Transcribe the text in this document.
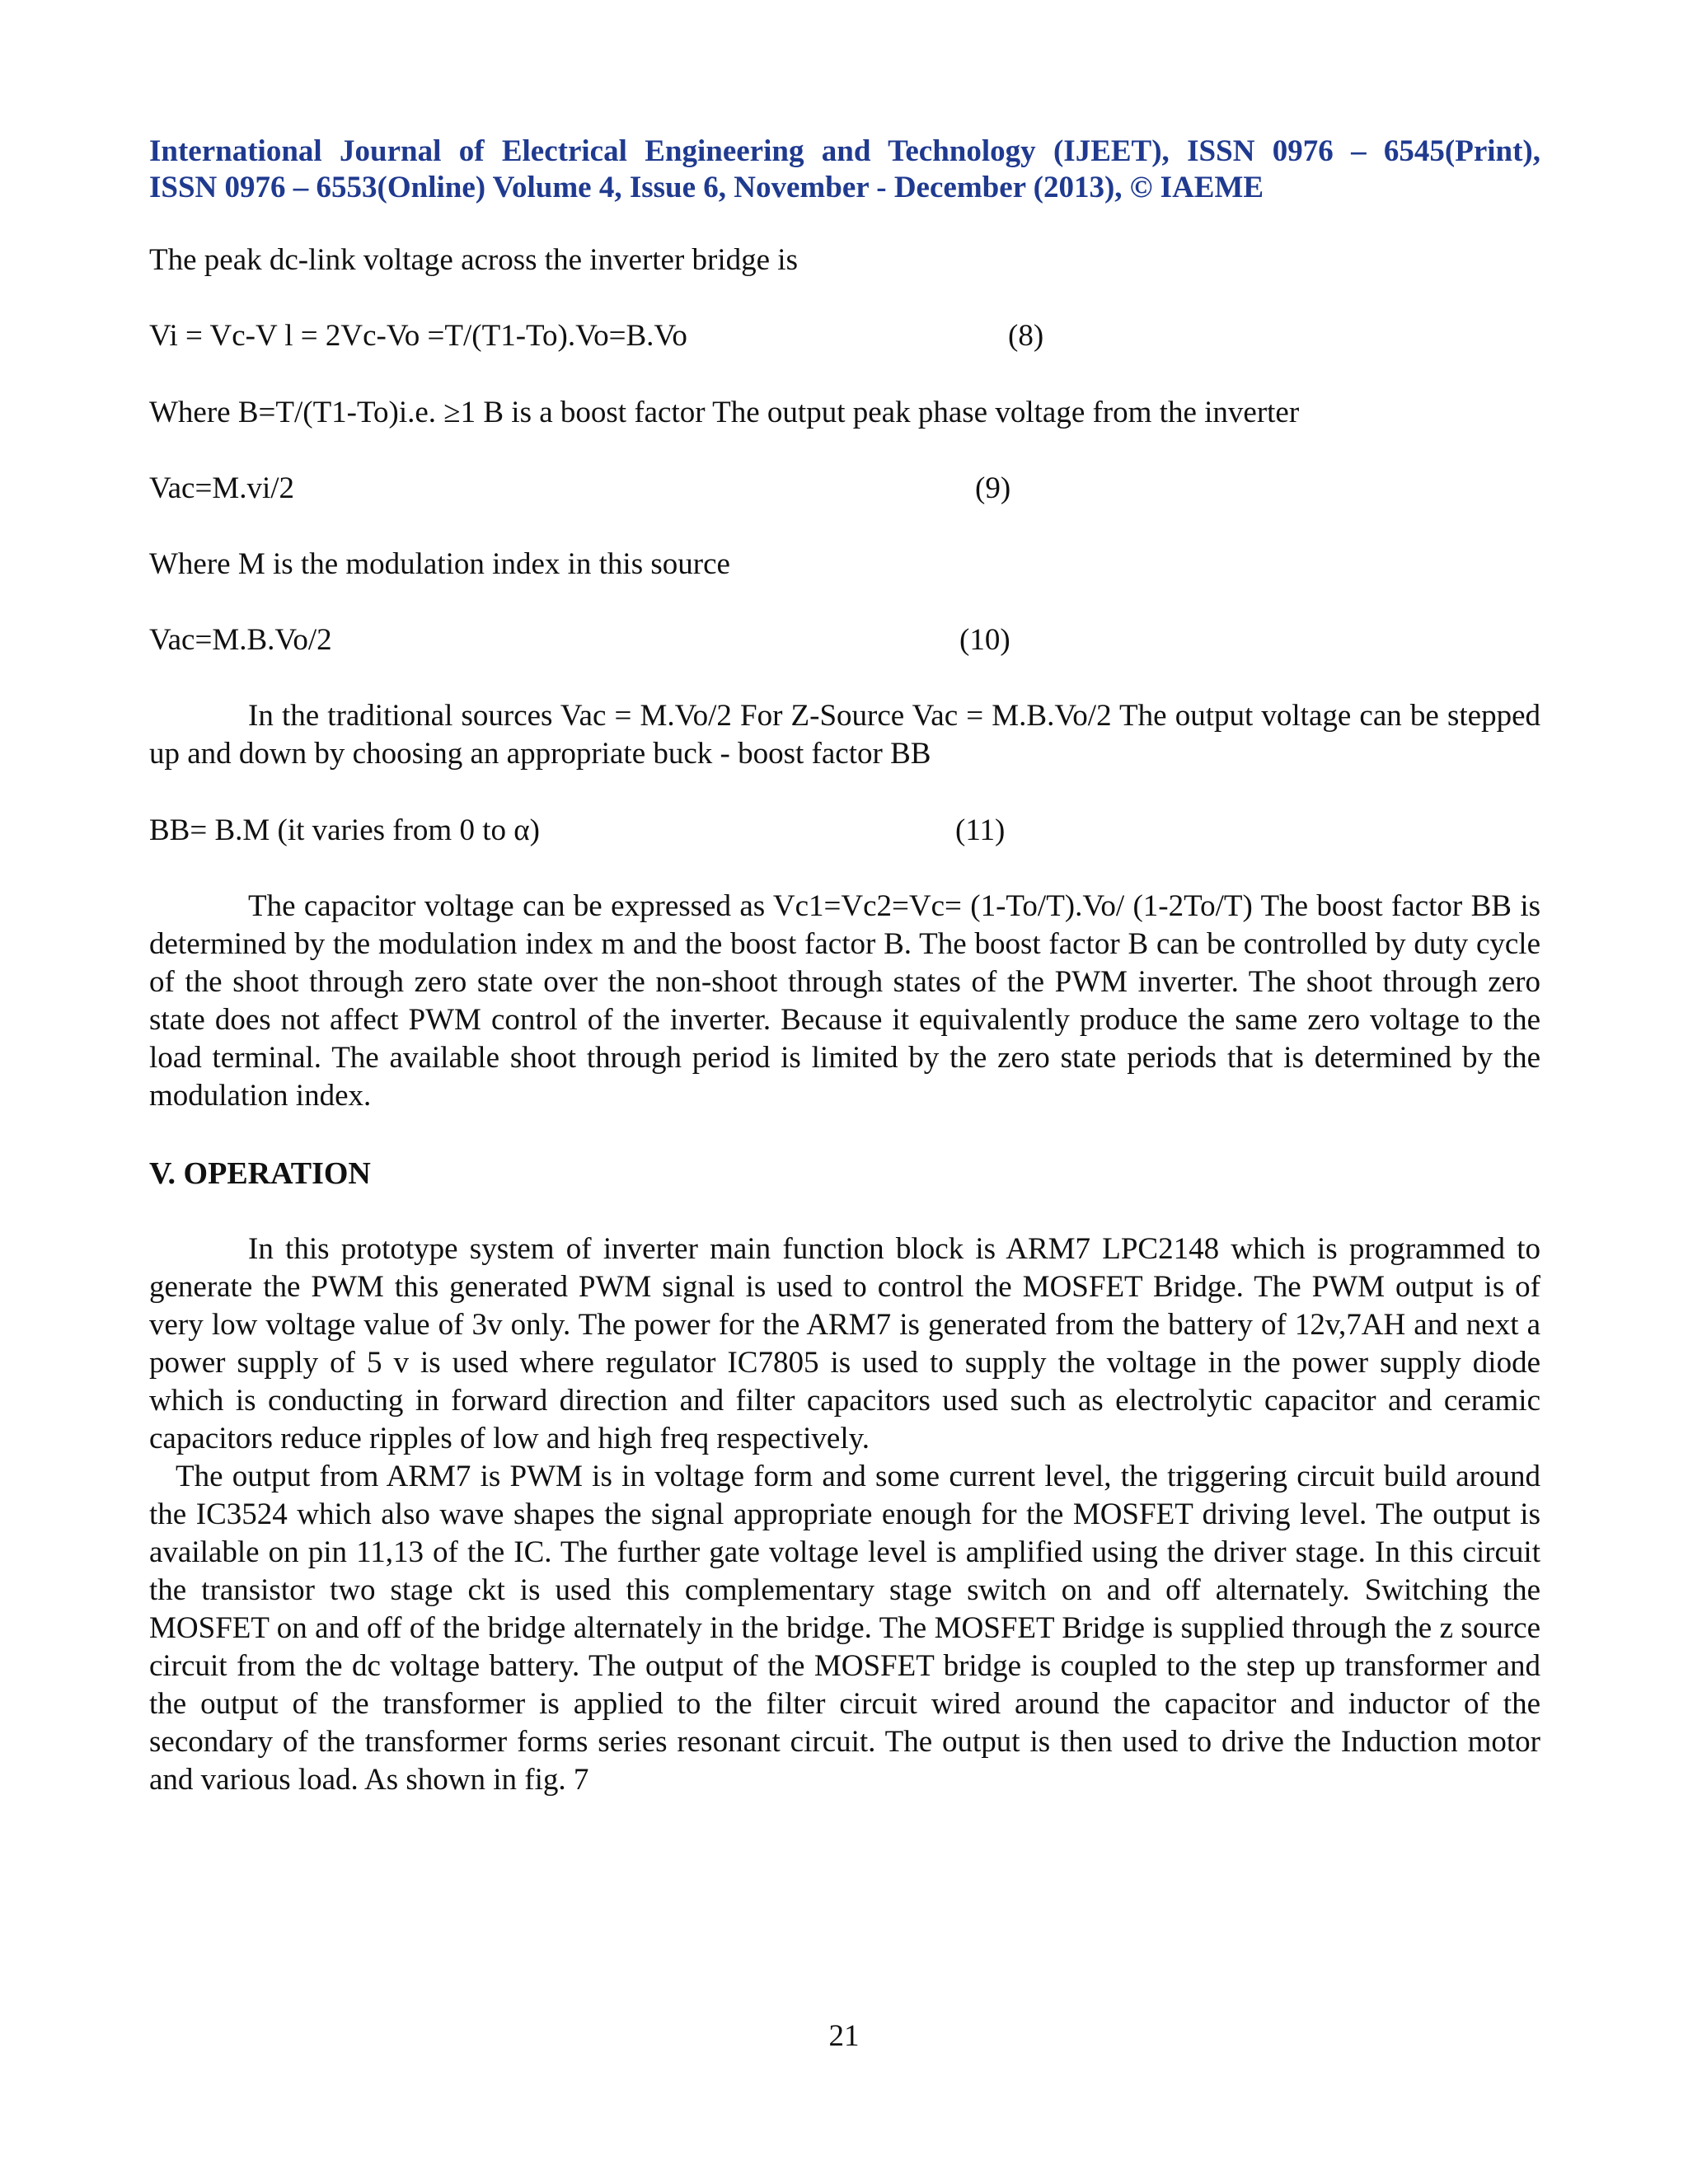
International Journal of Electrical Engineering and Technology (IJEET), ISSN 0976 – 6545(Print),
ISSN 0976 – 6553(Online) Volume 4, Issue 6, November - December (2013), © IAEME

The peak dc-link voltage across the inverter bridge is

Vi = Vc-V l = 2Vc-Vo =T/(T1-To).Vo=B.Vo	(8)

Where B=T/(T1-To)i.e. ≥1 B is a boost factor The output peak phase voltage from the inverter

Vac=M.vi/2	(9)

Where M is the modulation index in this source

Vac=M.B.Vo/2	(10)

In the traditional sources Vac = M.Vo/2 For Z-Source Vac = M.B.Vo/2 The output voltage can be stepped up and down by choosing an appropriate buck - boost factor BB

BB= B.M (it varies from 0 to α)	(11)

The capacitor voltage can be expressed as Vc1=Vc2=Vc= (1-To/T).Vo/ (1-2To/T) The boost factor BB is determined by the modulation index m and the boost factor B. The boost factor B can be controlled by duty cycle of the shoot through zero state over the non-shoot through states of the PWM inverter. The shoot through zero state does not affect PWM control of the inverter. Because it equivalently produce the same zero voltage to the load terminal. The available shoot through period is limited by the zero state periods that is determined by the modulation index.

V. OPERATION

In this prototype system of inverter main function block is ARM7 LPC2148 which is programmed to generate the PWM this generated PWM signal is used to control the MOSFET Bridge. The PWM output is of very low voltage value of 3v only. The power for the ARM7 is generated from the battery of 12v,7AH and next a power supply of 5 v is used where regulator IC7805 is used to supply the voltage in the power supply diode which is conducting in forward direction and filter capacitors used such as electrolytic capacitor and ceramic capacitors reduce ripples of low and high freq respectively.

The output from ARM7 is PWM is in voltage form and some current level, the triggering circuit build around the IC3524 which also wave shapes the signal appropriate enough for the MOSFET driving level. The output is available on pin 11,13 of the IC. The further gate voltage level is amplified using the driver stage. In this circuit the transistor two stage ckt is used this complementary stage switch on and off alternately. Switching the MOSFET on and off of the bridge alternately in the bridge. The MOSFET Bridge is supplied through the z source circuit from the dc voltage battery. The output of the MOSFET bridge is coupled to the step up transformer and the output of the transformer is applied to the filter circuit wired around the capacitor and inductor of the secondary of the transformer forms series resonant circuit. The output is then used to drive the Induction motor and various load. As shown in fig. 7

21
